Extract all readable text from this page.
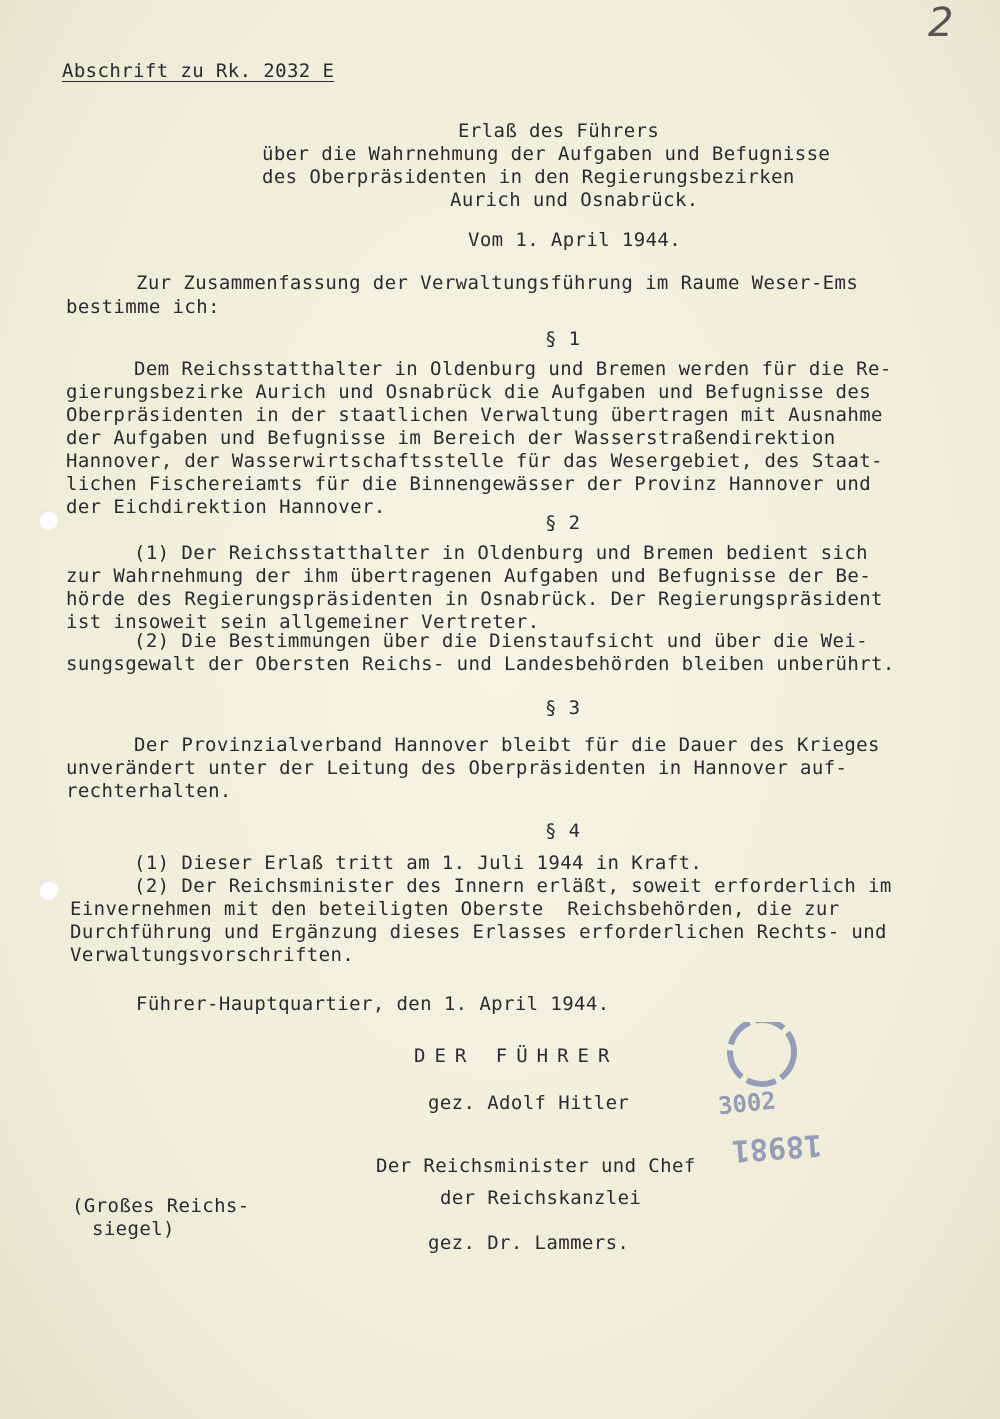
2
Abschrift zu Rk. 2032 E
Erlaß des Führers
über die Wahrnehmung der Aufgaben und Befugnisse
des Oberpräsidenten in den Regierungsbezirken
Aurich und Osnabrück.
Vom 1. April 1944.
Zur Zusammenfassung der Verwaltungsführung im Raume Weser-Ems
bestimme ich:
§ 1
Dem Reichsstatthalter in Oldenburg und Bremen werden für die Re-
gierungsbezirke Aurich und Osnabrück die Aufgaben und Befugnisse des
Oberpräsidenten in der staatlichen Verwaltung übertragen mit Ausnahme
der Aufgaben und Befugnisse im Bereich der Wasserstraßendirektion
Hannover, der Wasserwirtschaftsstelle für das Wesergebiet, des Staat-
lichen Fischereiamts für die Binnengewässer der Provinz Hannover und
der Eichdirektion Hannover.
§ 2
(1) Der Reichsstatthalter in Oldenburg und Bremen bedient sich
zur Wahrnehmung der ihm übertragenen Aufgaben und Befugnisse der Be-
hörde des Regierungspräsidenten in Osnabrück. Der Regierungspräsident
ist insoweit sein allgemeiner Vertreter.
(2) Die Bestimmungen über die Dienstaufsicht und über die Wei-
sungsgewalt der Obersten Reichs- und Landesbehörden bleiben unberührt.
§ 3
Der Provinzialverband Hannover bleibt für die Dauer des Krieges
unverändert unter der Leitung des Oberpräsidenten in Hannover auf-
rechterhalten.
§ 4
(1) Dieser Erlaß tritt am 1. Juli 1944 in Kraft.
(2) Der Reichsminister des Innern erläßt, soweit erforderlich im
Einvernehmen mit den beteiligten Oberste  Reichsbehörden, die zur
Durchführung und Ergänzung dieses Erlasses erforderlichen Rechts- und
Verwaltungsvorschriften.
Führer-Hauptquartier, den 1. April 1944.
DER FÜHRER
gez. Adolf Hitler
Der Reichsminister und Chef
der Reichskanzlei
gez. Dr. Lammers.
(Großes Reichs-
siegel)
3002
18981
